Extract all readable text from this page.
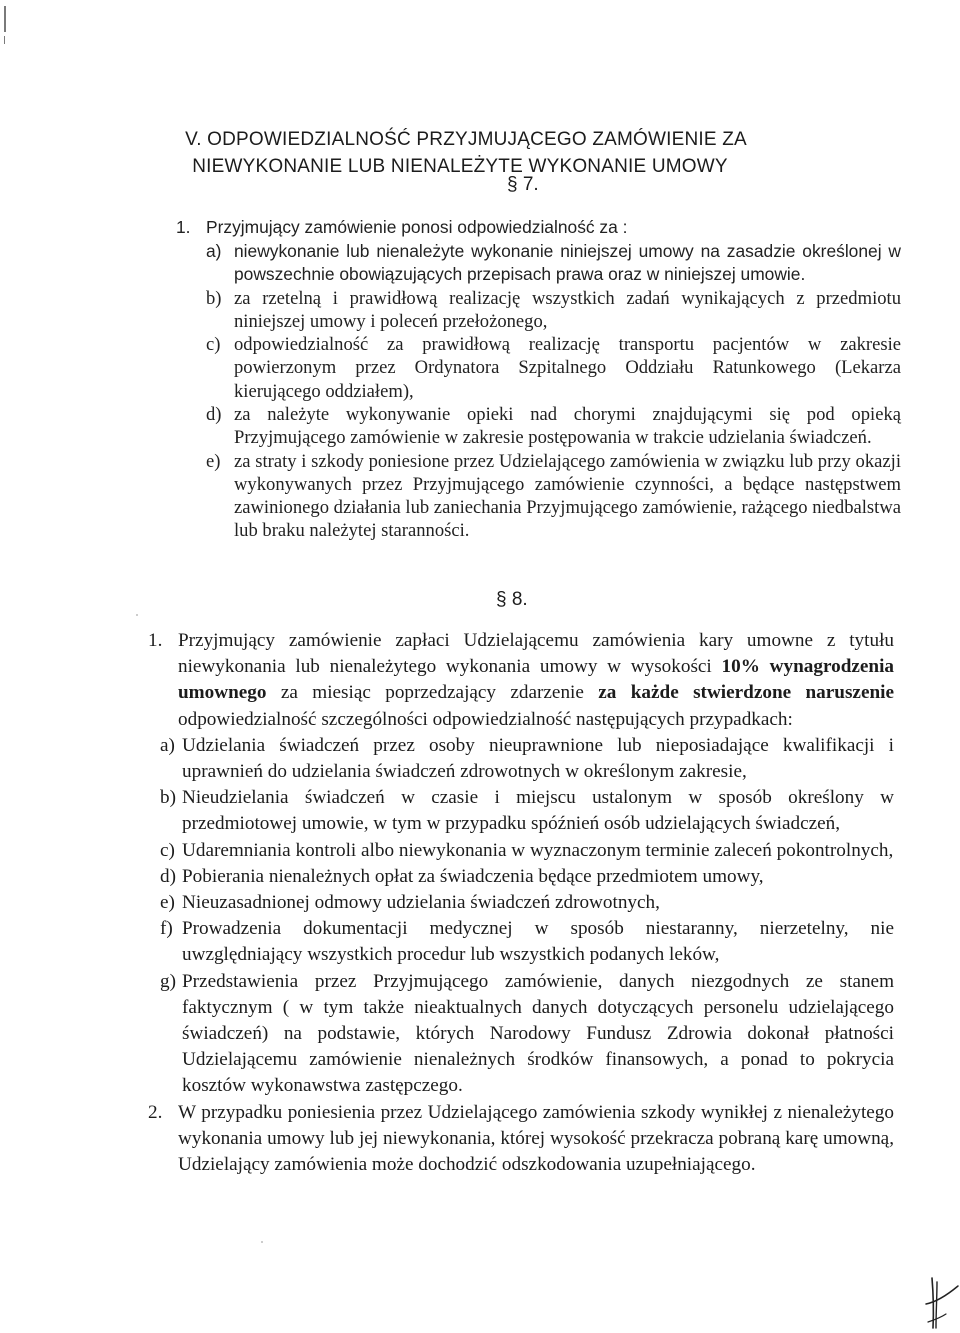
V. ODPOWIEDZIALNOŚĆ PRZYJMUJĄCEGO ZAMÓWIENIE ZA
NIEWYKONANIE LUB NIENALEŻYTE WYKONANIE UMOWY
§ 7.

1. Przyjmujący zamówienie ponosi odpowiedzialność za :

a) niewykonanie lub nienależyte wykonanie niniejszej umowy na zasadzie określonej w powszechnie obowiązujących przepisach prawa oraz w niniejszej umowie.
b) za rzetelną i prawidłową realizację wszystkich zadań wynikających z przedmiotu niniejszej umowy i poleceń przełożonego,
c) odpowiedzialność za prawidłową realizację transportu pacjentów w zakresie powierzonym przez Ordynatora Szpitalnego Oddziału Ratunkowego (Lekarza kierującego oddziałem),
d) za należyte wykonywanie opieki nad chorymi znajdującymi się pod opieką Przyjmującego zamówienie w zakresie postępowania w trakcie udzielania świadczeń.
e) za straty i szkody poniesione przez Udzielającego zamówienia w związku lub przy okazji wykonywanych przez Przyjmującego zamówienie czynności, a będące następstwem zawinionego działania lub zaniechania Przyjmującego zamówienie, rażącego niedbalstwa lub braku należytej staranności.
§ 8.

1. Przyjmujący zamówienie zapłaci Udzielającemu zamówienia kary umowne z tytułu niewykonania lub nienależytego wykonania umowy w wysokości 10% wynagrodzenia umownego za miesiąc poprzedzający zdarzenie za każde stwierdzone naruszenie odpowiedzialność szczególności odpowiedzialność następujących przypadkach:

a) Udzielania świadczeń przez osoby nieuprawnione lub nieposiadające kwalifikacji i uprawnień do udzielania świadczeń zdrowotnych w określonym zakresie,
b) Nieudzielania świadczeń w czasie i miejscu ustalonym w sposób określony w przedmiotowej umowie, w tym w przypadku spóźnień osób udzielających świadczeń,
c) Udaremniania kontroli albo niewykonania w wyznaczonym terminie zaleceń pokontrolnych,
d) Pobierania nienależnych opłat za świadczenia będące przedmiotem umowy,
e) Nieuzasadnionej odmowy udzielania świadczeń zdrowotnych,
f) Prowadzenia dokumentacji medycznej w sposób niestaranny, nierzetelny, nie uwzględniający wszystkich procedur lub wszystkich podanych leków,
g) Przedstawienia przez Przyjmującego zamówienie, danych niezgodnych ze stanem faktycznym ( w tym także nieaktualnych danych dotyczących personelu udzielającego świadczeń) na podstawie, których Narodowy Fundusz Zdrowia dokonał płatności Udzielającemu zamówienie nienależnych środków finansowych, a ponad to pokrycia kosztów wykonawstwa zastępczego.

2. W przypadku poniesienia przez Udzielającego zamówienia szkody wynikłej z nienależytego wykonania umowy lub jej niewykonania, której wysokość przekracza pobraną karę umowną, Udzielający zamówienia może dochodzić odszkodowania uzupełniającego.
